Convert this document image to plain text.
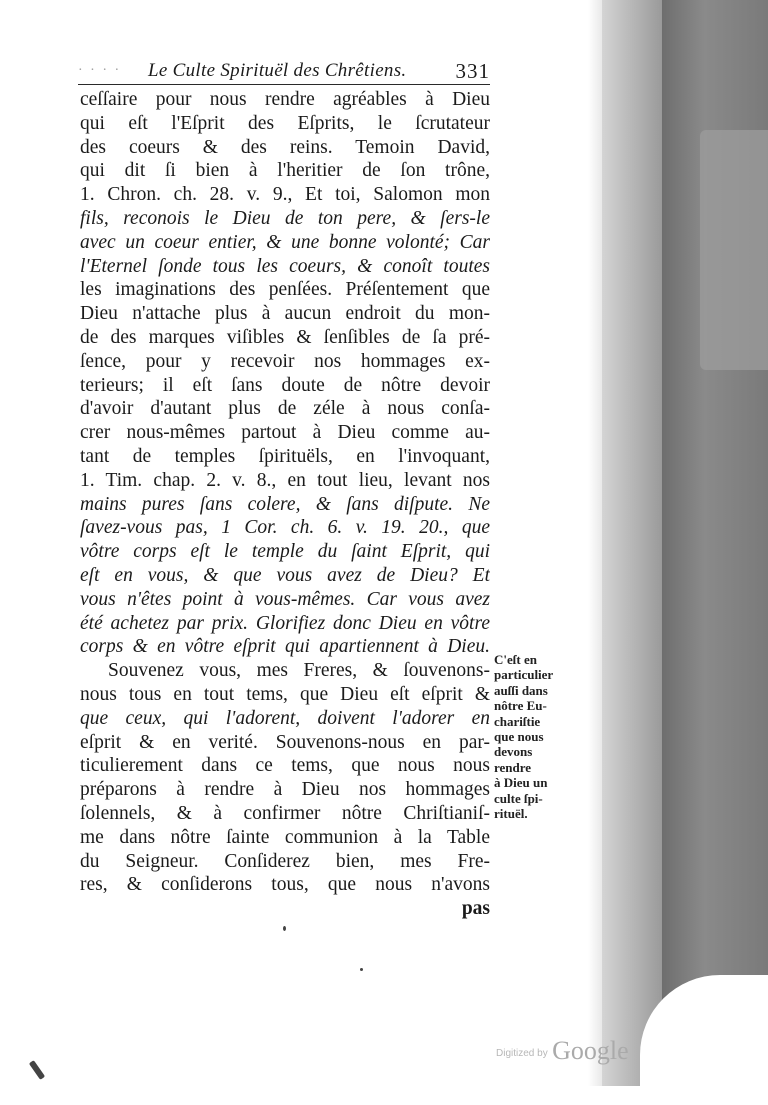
· · · · Le Culte Spirituël des Chrêtiens. 331
ceſſaire pour nous rendre agréables à Dieu
qui eſt l'Eſprit des Eſprits, le ſcrutateur
des coeurs & des reins. Temoin David,
qui dit ſi bien à l'heritier de ſon trône,
1. Chron. ch. 28. v. 9., Et toi, Salomon mon
fils, reconois le Dieu de ton pere, & ſers-le
avec un coeur entier, & une bonne volonté; Car
l'Eternel ſonde tous les coeurs, & conoît toutes
les imaginations des penſées. Préſentement que
Dieu n'attache plus à aucun endroit du mon-
de des marques viſibles & ſenſibles de ſa pré-
ſence, pour y recevoir nos hommages ex-
terieurs; il eſt ſans doute de nôtre devoir
d'avoir d'autant plus de zéle à nous conſa-
crer nous-mêmes partout à Dieu comme au-
tant de temples ſpirituëls, en l'invoquant,
1. Tim. chap. 2. v. 8., en tout lieu, levant nos
mains pures ſans colere, & ſans diſpute. Ne
ſavez-vous pas, 1 Cor. ch. 6. v. 19. 20., que
vôtre corps eſt le temple du ſaint Eſprit, qui
eſt en vous, & que vous avez de Dieu? Et
vous n'êtes point à vous-mêmes. Car vous avez
été achetez par prix. Glorifiez donc Dieu en vôtre
corps & en vôtre eſprit qui apartiennent à Dieu.
Souvenez vous, mes Freres, & ſouvenons-
nous tous en tout tems, que Dieu eſt eſprit &
que ceux, qui l'adorent, doivent l'adorer en
eſprit & en verité. Souvenons-nous en par-
ticulierement dans ce tems, que nous nous
préparons à rendre à Dieu nos hommages
ſolennels, & à confirmer nôtre Chriſtianiſ-
me dans nôtre ſainte communion à la Table
du Seigneur. Conſiderez bien, mes Fre-
res, & conſiderons tous, que nous n'avons
pas
C'eſt en
particulier
auſſi dans
nôtre Eu-
chariſtie
que nous
devons
rendre
à Dieu un
culte ſpi-
rituël.
Digitized by Google
